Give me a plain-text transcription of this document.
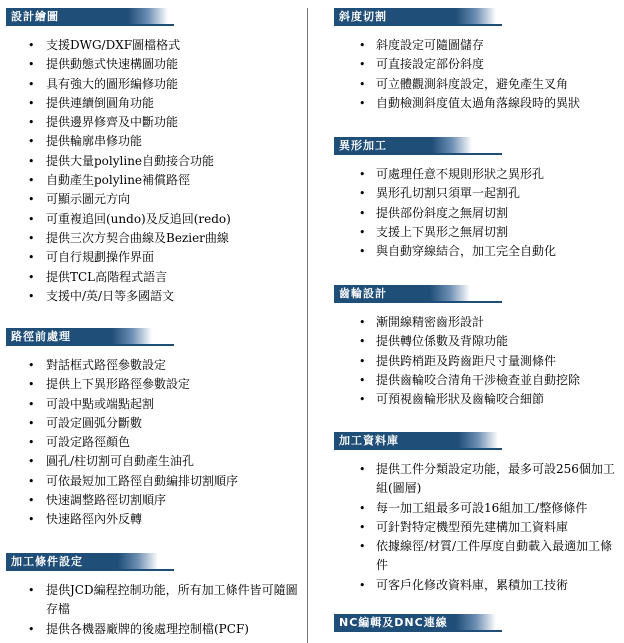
設計繪圖
• 支援DWG/DXF圖檔格式
• 提供動態式快速構圖功能
• 具有強大的圖形編修功能
• 提供連續倒圓角功能
• 提供邊界修齊及中斷功能
• 提供輪廓串修功能
• 提供大量polyline自動接合功能
• 自動產生polyline補償路徑
• 可顯示圖元方向
• 可重複追回(undo)及反追回(redo)
• 提供三次方契合曲線及Bezier曲線
• 可自行規劃操作界面
• 提供TCL高階程式語言
• 支援中/英/日等多國語文
路徑前處理
• 對話框式路徑參數設定
• 提供上下異形路徑參數設定
• 可設中點或端點起割
• 可設定圓弧分斷數
• 可設定路徑顏色
• 圓孔/柱切割可自動產生油孔
• 可依最短加工路徑自動編排切割順序
• 快速調整路徑切割順序
• 快速路徑內外反轉
加工條件設定
• 提供JCD編程控制功能，所有加工條件皆可隨圖存檔
• 提供各機器廠牌的後處理控制檔(PCF)
斜度切割
• 斜度設定可隨圖儲存
• 可直接設定部份斜度
• 可立體觀測斜度設定，避免產生叉角
• 自動檢測斜度值太過角落線段時的異狀
異形加工
• 可處理任意不規則形狀之異形孔
• 異形孔切割只須單一起割孔
• 提供部份斜度之無屑切割
• 支援上下異形之無屑切割
• 與自動穿線結合，加工完全自動化
齒輪設計
• 漸開線精密齒形設計
• 提供轉位係數及背隙功能
• 提供跨梢距及跨齒距尺寸量測條件
• 提供齒輪咬合清角干涉檢查並自動挖除
• 可預視齒輪形狀及齒輪咬合細節
加工資料庫
• 提供工件分類設定功能，最多可設256個加工組(圖層)
• 每一加工組最多可設16組加工/整修條件
• 可針對特定機型預先建構加工資料庫
• 依據線徑/材質/工件厚度自動載入最適加工條件
• 可客戶化修改資料庫，累積加工技術
NC編輯及DNC連線
